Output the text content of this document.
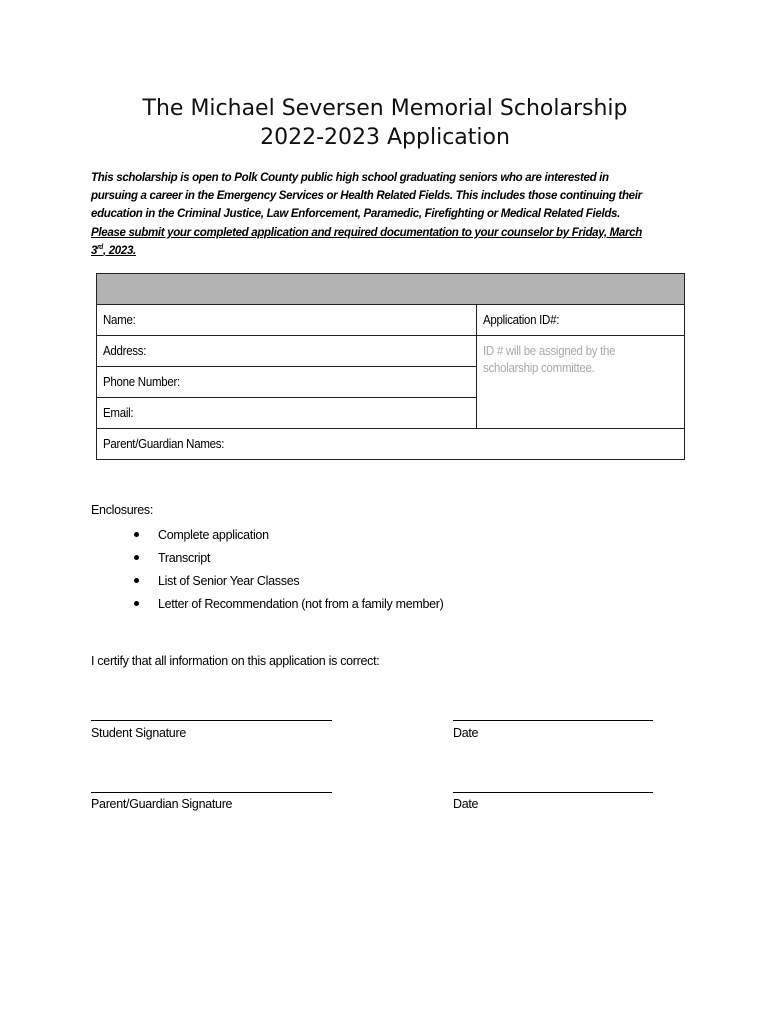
The Michael Seversen Memorial Scholarship
2022-2023 Application
This scholarship is open to Polk County public high school graduating seniors who are interested in pursuing a career in the Emergency Services or Health Related Fields. This includes those continuing their education in the Criminal Justice, Law Enforcement, Paramedic, Firefighting or Medical Related Fields. Please submit your completed application and required documentation to your counselor by Friday, March 3rd, 2023.

Name:	Application ID#:
Address:	ID # will be assigned by the scholarship committee.
Phone Number:	
Email:	
Parent/Guardian Names:	
Enclosures:
Complete application
Transcript
List of Senior Year Classes
Letter of Recommendation (not from a family member)
I certify that all information on this application is correct:
Student Signature	Date
Parent/Guardian Signature	Date
